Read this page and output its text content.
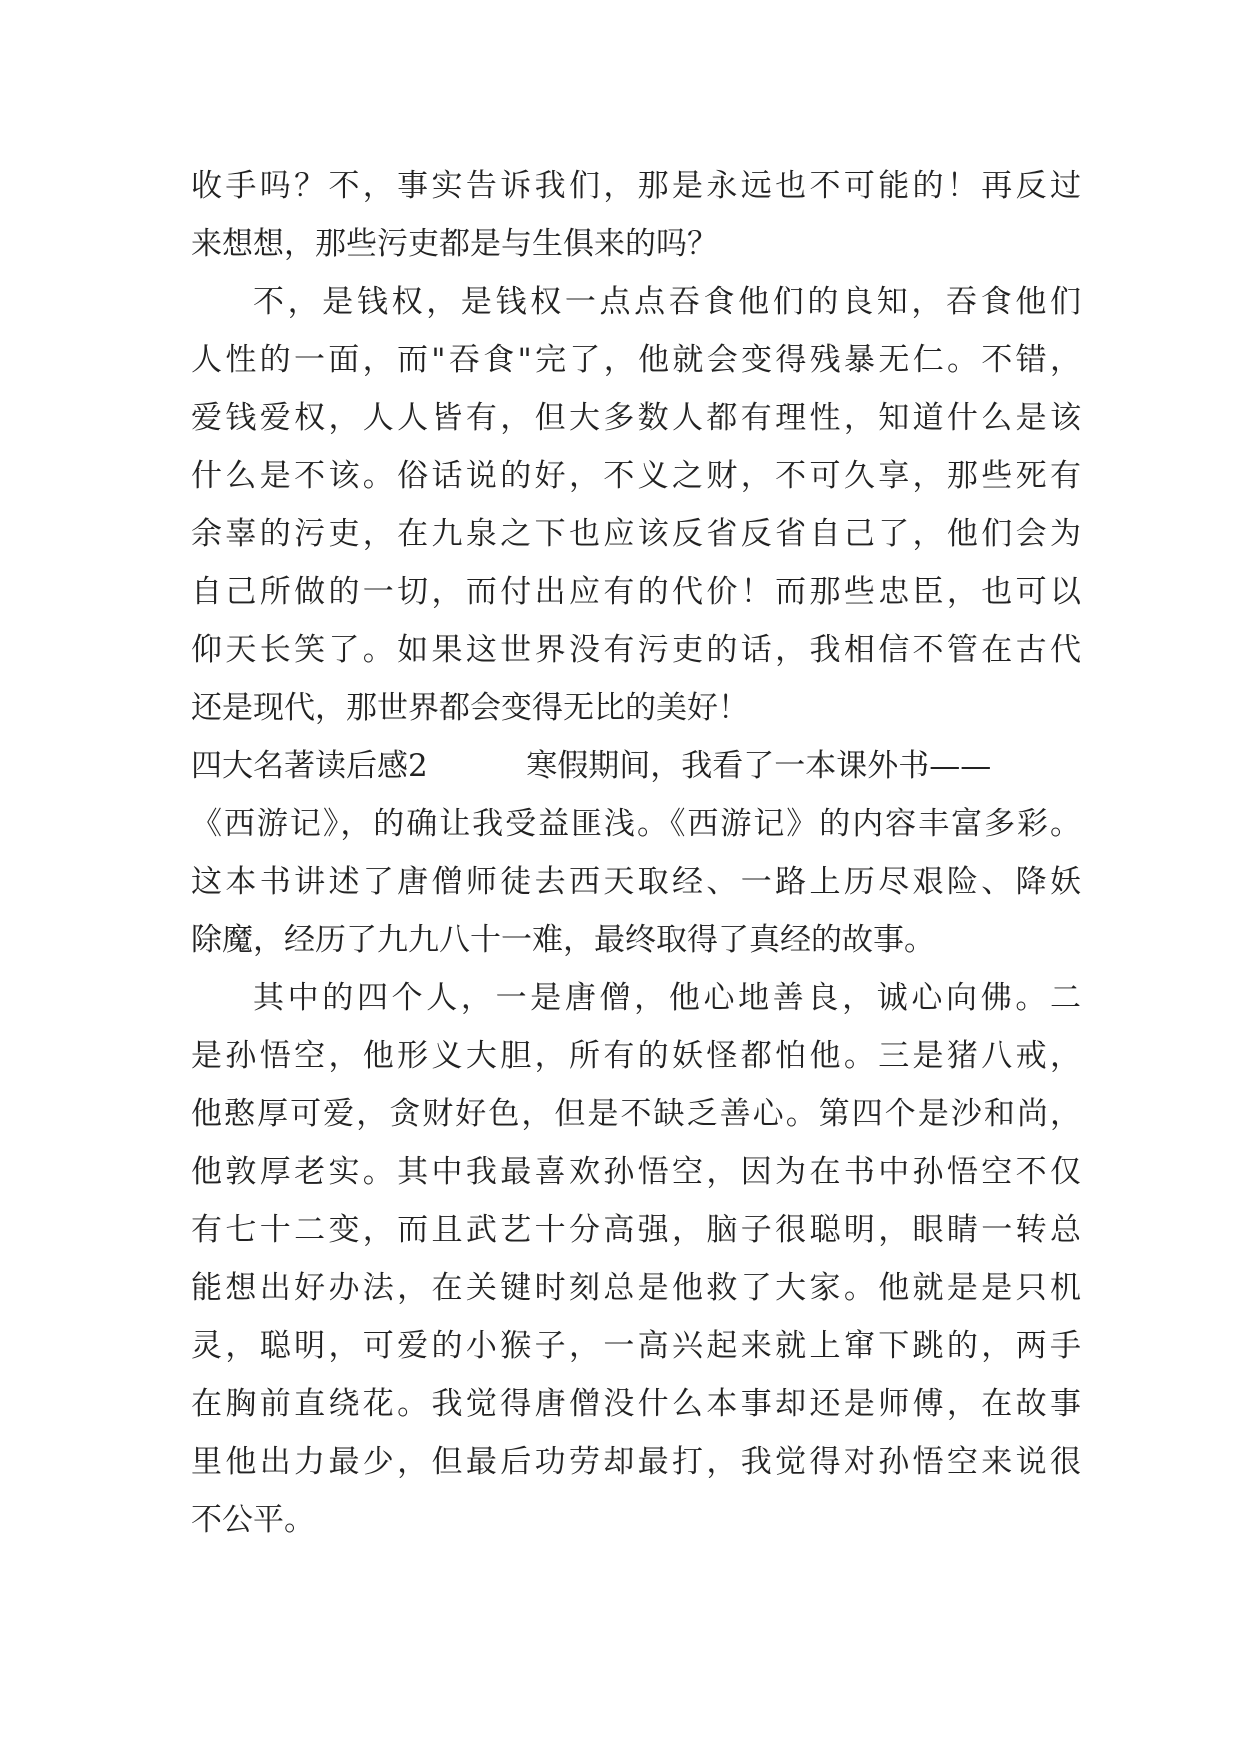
收手吗？不，事实告诉我们，那是永远也不可能的！再反过
来想想，那些污吏都是与生俱来的吗？
不，是钱权，是钱权一点点吞食他们的良知，吞食他们
人性的一面，而"吞食"完了，他就会变得残暴无仁。不错，
爱钱爱权，人人皆有，但大多数人都有理性，知道什么是该
什么是不该。俗话说的好，不义之财，不可久享，那些死有
余辜的污吏，在九泉之下也应该反省反省自己了，他们会为
自己所做的一切，而付出应有的代价！而那些忠臣，也可以
仰天长笑了。如果这世界没有污吏的话，我相信不管在古代
还是现代，那世界都会变得无比的美好！
四大名著读后感2	寒假期间，我看了一本课外书——
《西游记》，的确让我受益匪浅。《西游记》的内容丰富多彩。
这本书讲述了唐僧师徒去西天取经、一路上历尽艰险、降妖
除魔，经历了九九八十一难，最终取得了真经的故事。
其中的四个人，一是唐僧，他心地善良，诚心向佛。二
是孙悟空，他形义大胆，所有的妖怪都怕他。三是猪八戒，
他憨厚可爱，贪财好色，但是不缺乏善心。第四个是沙和尚，
他敦厚老实。其中我最喜欢孙悟空，因为在书中孙悟空不仅
有七十二变，而且武艺十分高强，脑子很聪明，眼睛一转总
能想出好办法，在关键时刻总是他救了大家。他就是是只机
灵，聪明，可爱的小猴子，一高兴起来就上窜下跳的，两手
在胸前直绕花。我觉得唐僧没什么本事却还是师傅，在故事
里他出力最少，但最后功劳却最打，我觉得对孙悟空来说很
不公平。
